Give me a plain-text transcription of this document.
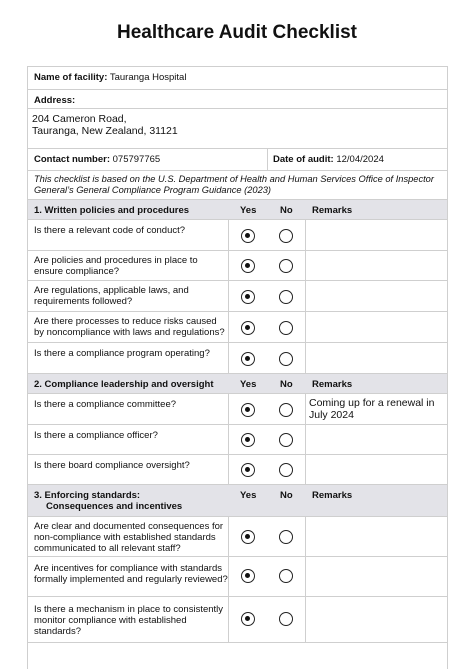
Healthcare Audit Checklist
Name of facility: Tauranga Hospital
Address:
204 Cameron Road,
Tauranga, New Zealand, 31121
Contact number: 075797765	Date of audit: 12/04/2024
This checklist is based on the U.S. Department of Health and Human Services Office of Inspector
General’s General Compliance Program Guidance (2023)
1. Written policies and procedures	Yes No Remarks
Is there a relevant code of conduct?
Are policies and procedures in place to
ensure compliance?
Are regulations, applicable laws, and
requirements followed?
Are there processes to reduce risks caused
by noncompliance with laws and regulations?
Is there a compliance program operating?
2. Compliance leadership and oversight	Yes No Remarks
Is there a compliance committee?	Coming up for a renewal in
July 2024
Is there a compliance officer?
Is there board compliance oversight?
3. Enforcing standards:
Consequences and incentives
Yes No Remarks
Are clear and documented consequences for
non-compliance with established standards
communicated to all relevant staff?
Are incentives for compliance with standards
formally implemented and regularly reviewed?
Is there a mechanism in place to consistently
monitor compliance with established
standards?
